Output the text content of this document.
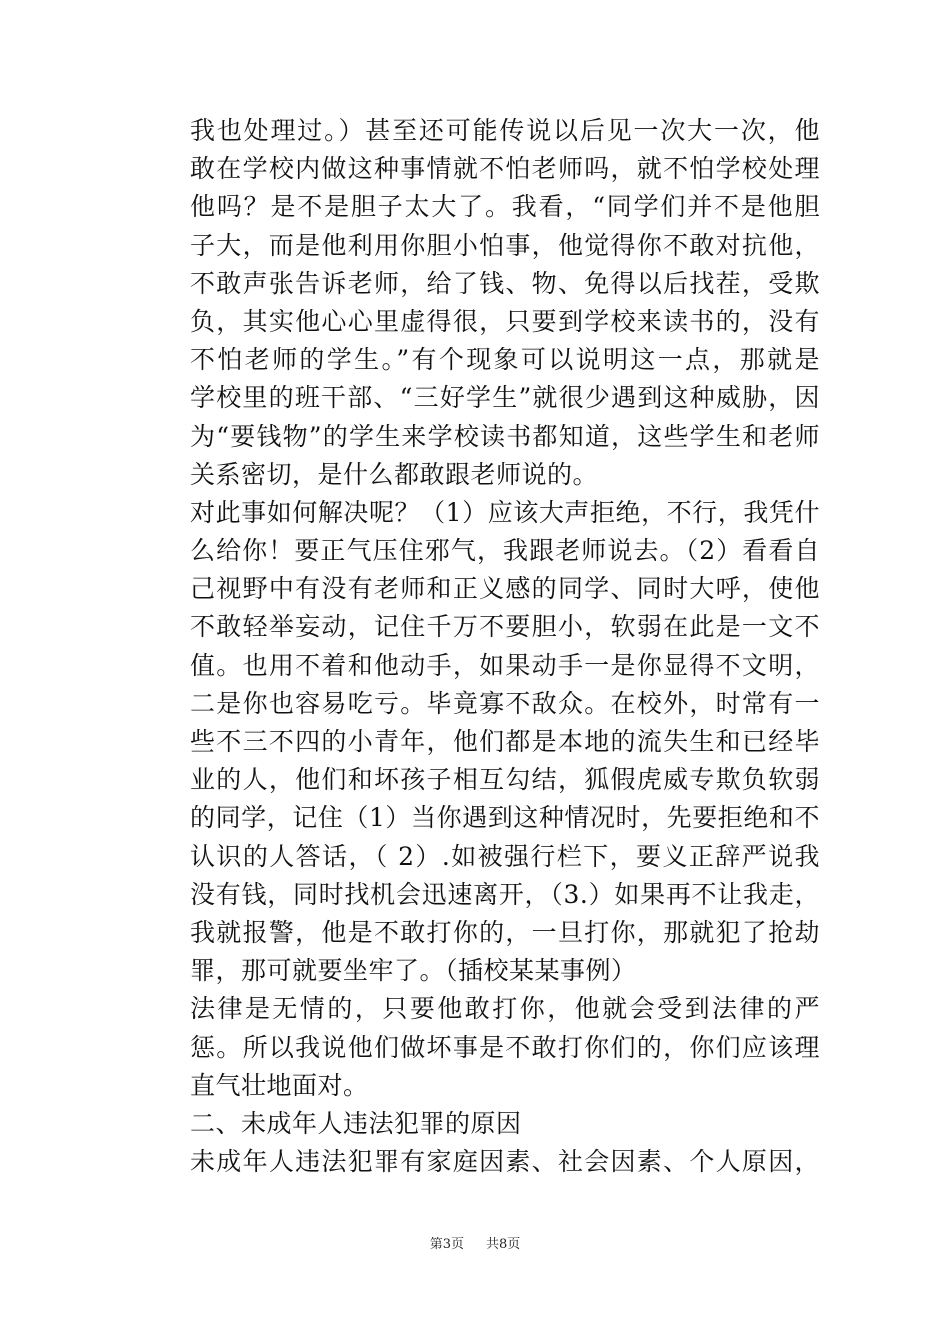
我也处理过。）甚至还可能传说以后见一次大一次，他
敢在学校内做这种事情就不怕老师吗，就不怕学校处理
他吗？是不是胆子太大了。我看，“同学们并不是他胆
子大，而是他利用你胆小怕事，他觉得你不敢对抗他，
不敢声张告诉老师，给了钱、物、免得以后找茬，受欺
负，其实他心心里虚得很，只要到学校来读书的，没有
不怕老师的学生。”有个现象可以说明这一点，那就是
学校里的班干部、“三好学生”就很少遇到这种威胁，因
为“要钱物”的学生来学校读书都知道，这些学生和老师
关系密切，是什么都敢跟老师说的。
对此事如何解决呢？（1）应该大声拒绝，不行，我凭什
么给你！要正气压住邪气，我跟老师说去。（2）看看自
己视野中有没有老师和正义感的同学、同时大呼，使他
不敢轻举妄动，记住千万不要胆小，软弱在此是一文不
值。也用不着和他动手，如果动手一是你显得不文明，
二是你也容易吃亏。毕竟寡不敌众。在校外，时常有一
些不三不四的小青年，他们都是本地的流失生和已经毕
业的人，他们和坏孩子相互勾结，狐假虎威专欺负软弱
的同学，记住（1）当你遇到这种情况时，先要拒绝和不
认识的人答话，（ 2）.如被强行栏下，要义正辞严说我
没有钱，同时找机会迅速离开，（3.）如果再不让我走，
我就报警，他是不敢打你的，一旦打你，那就犯了抢劫
罪，那可就要坐牢了。（插校某某事例）
法律是无情的，只要他敢打你，他就会受到法律的严
惩。所以我说他们做坏事是不敢打你们的，你们应该理
直气壮地面对。
二、未成年人违法犯罪的原因
未成年人违法犯罪有家庭因素、社会因素、个人原因，
第3页 共8页
